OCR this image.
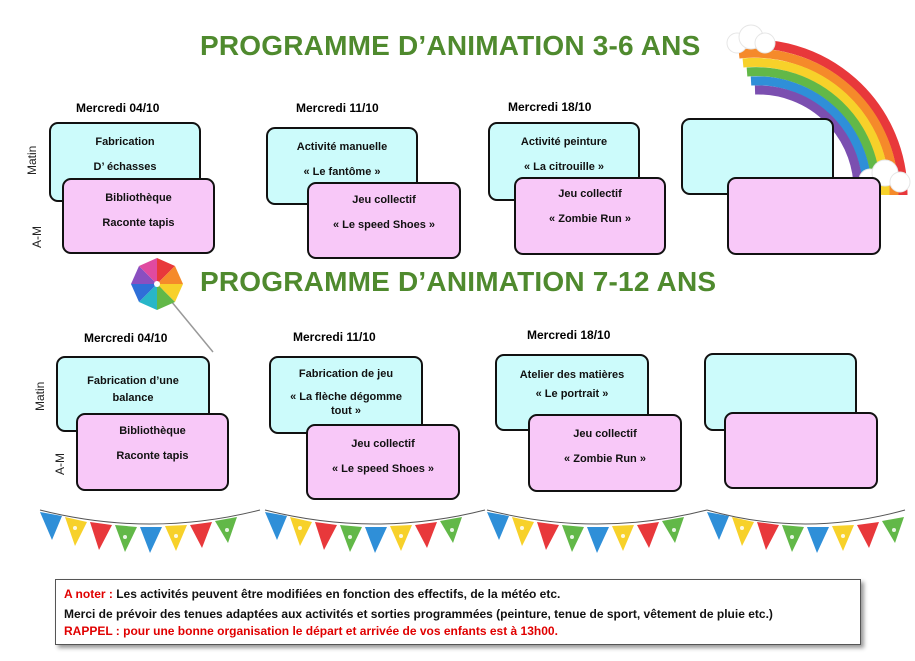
PROGRAMME D’ANIMATION 3-6 ANS
Matin
A-M
Mercredi 04/10
Fabrication
D’ échasses
Bibliothèque
Raconte tapis
Mercredi 11/10
Activité manuelle
« Le fantôme »
Jeu collectif
« Le speed Shoes »
Mercredi 18/10
Activité peinture
« La citrouille »
Jeu collectif
« Zombie Run »
PROGRAMME D’ANIMATION 7-12 ANS
Matin
A-M
Mercredi 04/10
Fabrication d’une
balance
Bibliothèque
Raconte tapis
Mercredi 11/10
Fabrication de jeu
« La flèche dégomme
tout »
Jeu collectif
« Le speed Shoes »
Mercredi 18/10
Atelier des matières
« Le portrait »
Jeu collectif
« Zombie Run »
A noter : Les activités peuvent être modifiées en fonction des effectifs, de la météo etc.
Merci de prévoir des tenues adaptées aux activités et sorties programmées (peinture, tenue de sport, vêtement de pluie etc.)
RAPPEL : pour une bonne organisation le départ et arrivée de vos enfants est à 13h00.
